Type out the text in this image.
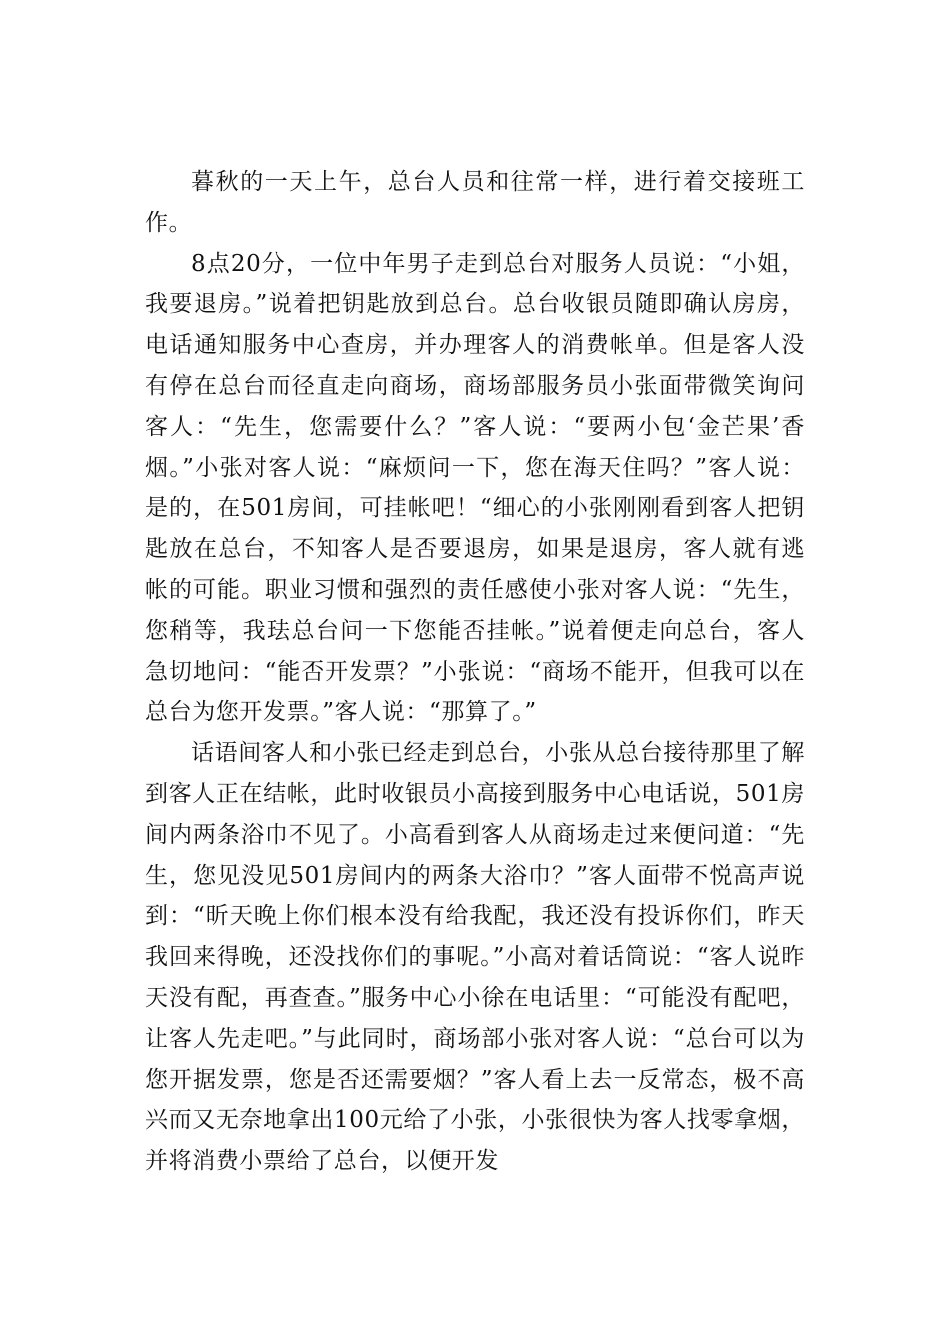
暮秋的一天上午，总台人员和往常一样，进行着交接班工作。

8点20分，一位中年男子走到总台对服务人员说：“小姐，我要退房。”说着把钥匙放到总台。总台收银员随即确认房房，电话通知服务中心查房，并办理客人的消费帐单。但是客人没有停在总台而径直走向商场，商场部服务员小张面带微笑询问客人：“先生，您需要什么？”客人说：“要两小包‘金芒果’香烟。”小张对客人说：“麻烦问一下，您在海天住吗？”客人说：是的，在501房间，可挂帐吧！“细心的小张刚刚看到客人把钥匙放在总台，不知客人是否要退房，如果是退房，客人就有逃帐的可能。职业习惯和强烈的责任感使小张对客人说：“先生，您稍等，我珐总台问一下您能否挂帐。”说着便走向总台，客人急切地问：“能否开发票？”小张说：“商场不能开，但我可以在总台为您开发票。”客人说：“那算了。”

话语间客人和小张已经走到总台，小张从总台接待那里了解到客人正在结帐，此时收银员小高接到服务中心电话说，501房间内两条浴巾不见了。小高看到客人从商场走过来便问道：“先生，您见没见501房间内的两条大浴巾？”客人面带不悦高声说到：“昕天晚上你们根本没有给我配，我还没有投诉你们，昨天我回来得晚，还没找你们的事呢。”小高对着话筒说：“客人说昨天没有配，再查查。”服务中心小徐在电话里：“可能没有配吧，让客人先走吧。”与此同时，商场部小张对客人说：“总台可以为您开据发票，您是否还需要烟？”客人看上去一反常态，极不高兴而又无奈地拿出100元给了小张，小张很快为客人找零拿烟，并将消费小票给了总台，以便开发
